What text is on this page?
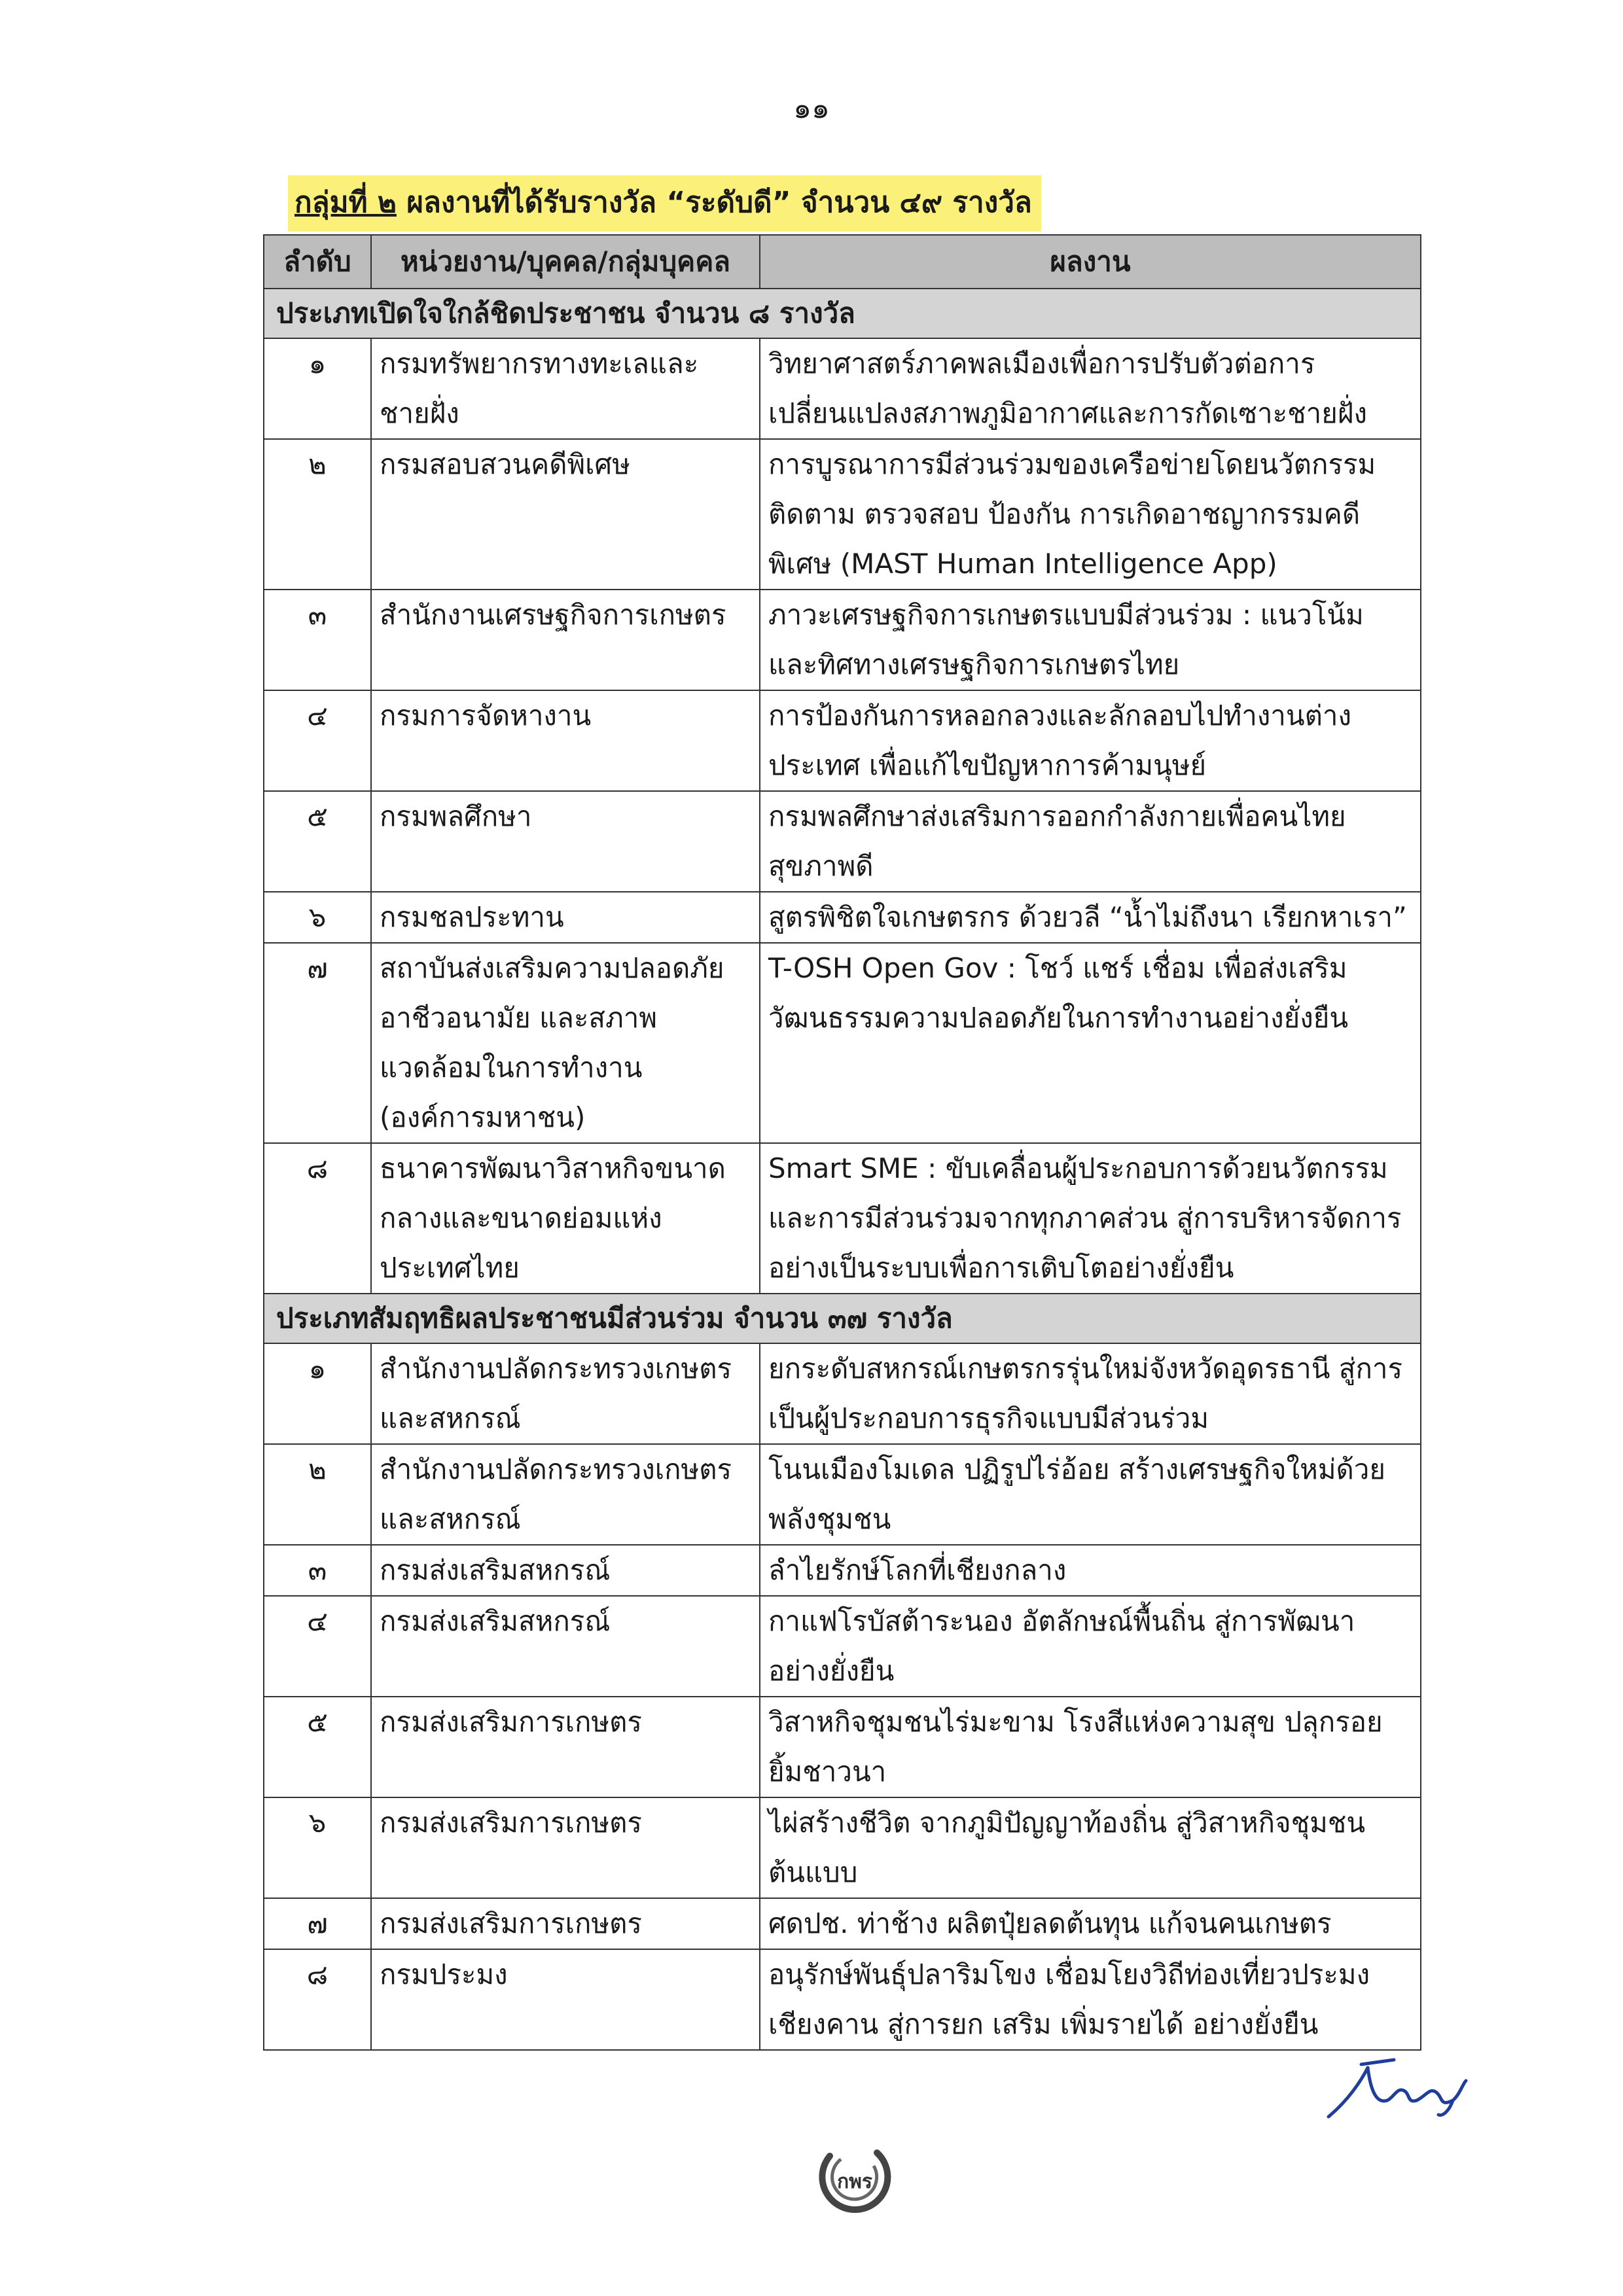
๑๑
กลุ่มที่ ๒ ผลงานที่ได้รับรางวัล “ระดับดี” จำนวน ๔๙ รางวัล
ลำดับ	หน่วยงาน/บุคคล/กลุ่มบุคคล	ผลงาน
ประเภทเปิดใจใกล้ชิดประชาชน จำนวน ๘ รางวัล		
๑	กรมทรัพยากรทางทะเลและชายฝั่ง	วิทยาศาสตร์ภาคพลเมืองเพื่อการปรับตัวต่อการเปลี่ยนแปลงสภาพภูมิอากาศและการกัดเซาะชายฝั่ง
๒	กรมสอบสวนคดีพิเศษ	การบูรณาการมีส่วนร่วมของเครือข่ายโดยนวัตกรรม ติดตาม ตรวจสอบ ป้องกัน การเกิดอาชญากรรมคดีพิเศษ (MAST Human Intelligence App)
๓	สำนักงานเศรษฐกิจการเกษตร	ภาวะเศรษฐกิจการเกษตรแบบมีส่วนร่วม : แนวโน้มและทิศทางเศรษฐกิจการเกษตรไทย
๔	กรมการจัดหางาน	การป้องกันการหลอกลวงและลักลอบไปทำงานต่างประเทศ เพื่อแก้ไขปัญหาการค้ามนุษย์
๕	กรมพลศึกษา	กรมพลศึกษาส่งเสริมการออกกำลังกายเพื่อคนไทยสุขภาพดี
๖	กรมชลประทาน	สูตรพิชิตใจเกษตรกร ด้วยวลี “น้ำไม่ถึงนา เรียกหาเรา”
๗	สถาบันส่งเสริมความปลอดภัย อาชีวอนามัย และสภาพแวดล้อมในการทำงาน (องค์การมหาชน)	T-OSH Open Gov : โชว์ แชร์ เชื่อม เพื่อส่งเสริมวัฒนธรรมความปลอดภัยในการทำงานอย่างยั่งยืน
๘	ธนาคารพัฒนาวิสาหกิจขนาดกลางและขนาดย่อมแห่งประเทศไทย	Smart SME : ขับเคลื่อนผู้ประกอบการด้วยนวัตกรรม และการมีส่วนร่วมจากทุกภาคส่วน สู่การบริหารจัดการอย่างเป็นระบบเพื่อการเติบโตอย่างยั่งยืน
ประเภทสัมฤทธิผลประชาชนมีส่วนร่วม จำนวน ๓๗ รางวัล		
๑	สำนักงานปลัดกระทรวงเกษตรและสหกรณ์	ยกระดับสหกรณ์เกษตรกรรุ่นใหม่จังหวัดอุดรธานี สู่การเป็นผู้ประกอบการธุรกิจแบบมีส่วนร่วม
๒	สำนักงานปลัดกระทรวงเกษตรและสหกรณ์	โนนเมืองโมเดล ปฏิรูปไร่อ้อย สร้างเศรษฐกิจใหม่ด้วยพลังชุมชน
๓	กรมส่งเสริมสหกรณ์	ลำไยรักษ์โลกที่เชียงกลาง
๔	กรมส่งเสริมสหกรณ์	กาแฟโรบัสต้าระนอง อัตลักษณ์พื้นถิ่น สู่การพัฒนาอย่างยั่งยืน
๕	กรมส่งเสริมการเกษตร	วิสาหกิจชุมชนไร่มะขาม โรงสีแห่งความสุข ปลุกรอยยิ้มชาวนา
๖	กรมส่งเสริมการเกษตร	ไผ่สร้างชีวิต จากภูมิปัญญาท้องถิ่น สู่วิสาหกิจชุมชนต้นแบบ
๗	กรมส่งเสริมการเกษตร	ศดปช. ท่าช้าง ผลิตปุ๋ยลดต้นทุน แก้จนคนเกษตร
๘	กรมประมง	อนุรักษ์พันธุ์ปลาริมโขง เชื่อมโยงวิถีท่องเที่ยวประมงเชียงคาน สู่การยก เสริม เพิ่มรายได้ อย่างยั่งยืน
กพร
